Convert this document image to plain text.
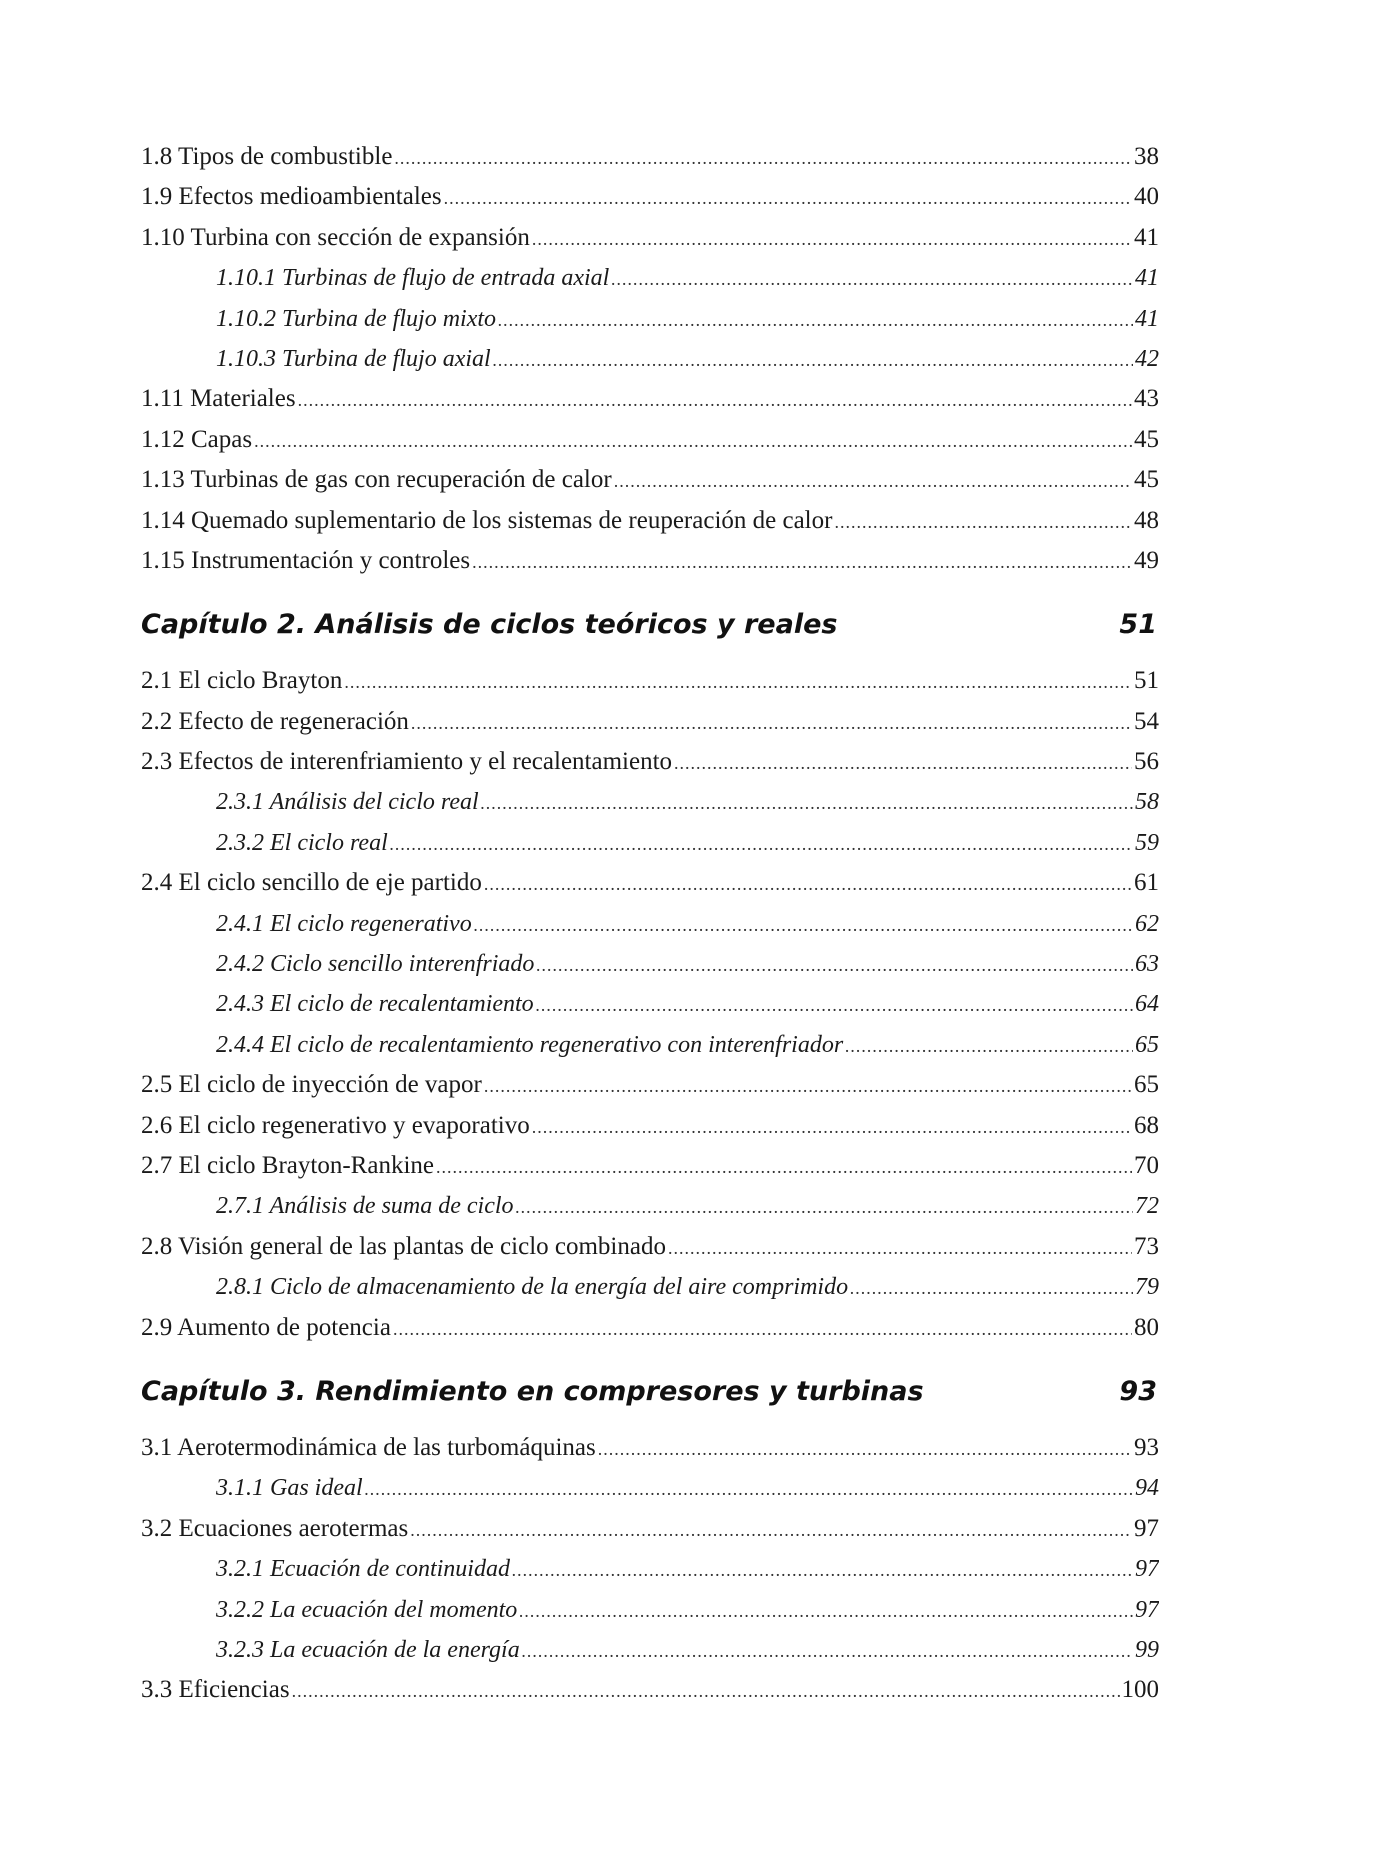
1.8 Tipos de combustible .....	38
1.9 Efectos medioambientales .....	40
1.10 Turbina con sección de expansión .....	41
1.10.1 Turbinas de flujo de entrada axial .....	41
1.10.2 Turbina de flujo mixto .....	41
1.10.3 Turbina de flujo axial .....	42
1.11 Materiales .....	43
1.12 Capas .....	45
1.13 Turbinas de gas con recuperación de calor .....	45
1.14 Quemado suplementario de los sistemas de reuperación de calor .....	48
1.15 Instrumentación y controles .....	49
Capítulo 2. Análisis de ciclos teóricos y reales	51
2.1 El ciclo Brayton .....	51
2.2 Efecto de regeneración .....	54
2.3 Efectos de interenfriamiento y el recalentamiento .....	56
2.3.1 Análisis del ciclo real .....	58
2.3.2 El ciclo real .....	59
2.4 El ciclo sencillo de eje partido .....	61
2.4.1 El ciclo regenerativo .....	62
2.4.2 Ciclo sencillo interenfriado .....	63
2.4.3 El ciclo de recalentamiento .....	64
2.4.4 El ciclo de recalentamiento regenerativo con interenfriador .....	65
2.5 El ciclo de inyección de vapor .....	65
2.6 El ciclo regenerativo y evaporativo .....	68
2.7 El ciclo Brayton-Rankine .....	70
2.7.1 Análisis de suma de ciclo .....	72
2.8 Visión general de las plantas de ciclo combinado .....	73
2.8.1 Ciclo de almacenamiento de la energía del aire comprimido .....	79
2.9 Aumento de potencia .....	80
Capítulo 3. Rendimiento en compresores y turbinas	93
3.1 Aerotermodinámica de las turbomáquinas .....	93
3.1.1 Gas ideal .....	94
3.2 Ecuaciones aerotermas .....	97
3.2.1 Ecuación de continuidad .....	97
3.2.2 La ecuación del momento .....	97
3.2.3 La ecuación de la energía .....	99
3.3 Eficiencias .....	100
